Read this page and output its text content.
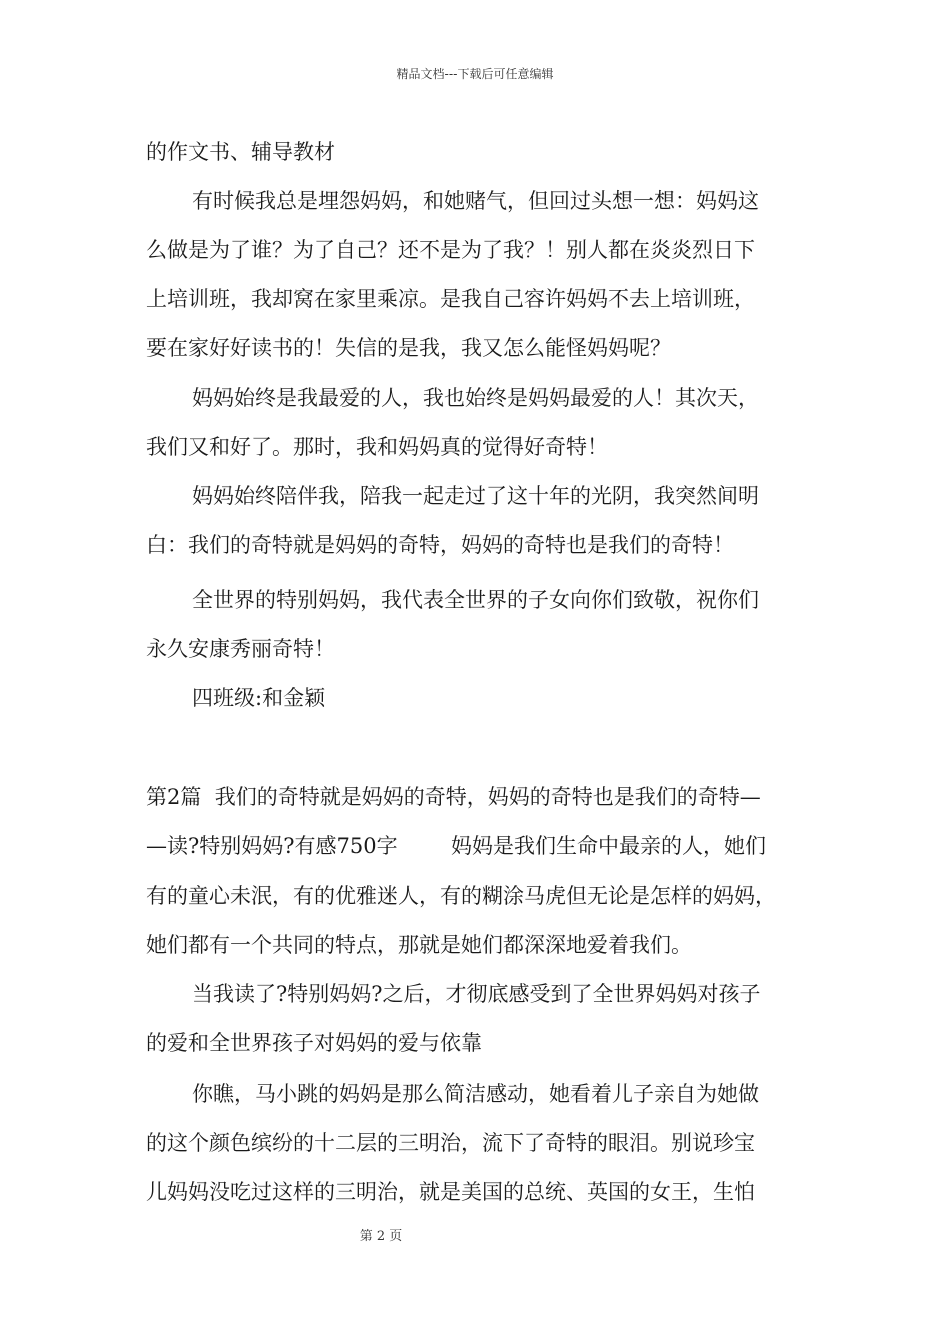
精品文档---下载后可任意编辑
的作文书、辅导教材
有时候我总是埋怨妈妈，和她赌气，但回过头想一想：妈妈这
么做是为了谁？为了自己？还不是为了我？！别人都在炎炎烈日下
上培训班，我却窝在家里乘凉。是我自己容许妈妈不去上培训班，
要在家好好读书的！失信的是我，我又怎么能怪妈妈呢？
妈妈始终是我最爱的人，我也始终是妈妈最爱的人！其次天，
我们又和好了。那时，我和妈妈真的觉得好奇特！
妈妈始终陪伴我，陪我一起走过了这十年的光阴，我突然间明
白：我们的奇特就是妈妈的奇特，妈妈的奇特也是我们的奇特！
全世界的特别妈妈，我代表全世界的子女向你们致敬，祝你们
永久安康秀丽奇特！
四班级:和金颖
第2篇  我们的奇特就是妈妈的奇特，妈妈的奇特也是我们的奇特—
—读?特别妈妈?有感750字        妈妈是我们生命中最亲的人，她们
有的童心未泯，有的优雅迷人，有的糊涂马虎但无论是怎样的妈妈，
她们都有一个共同的特点，那就是她们都深深地爱着我们。
当我读了?特别妈妈?之后，才彻底感受到了全世界妈妈对孩子
的爱和全世界孩子对妈妈的爱与依靠
你瞧，马小跳的妈妈是那么简洁感动，她看着儿子亲自为她做
的这个颜色缤纷的十二层的三明治，流下了奇特的眼泪。别说珍宝
儿妈妈没吃过这样的三明治，就是美国的总统、英国的女王，生怕
第 2 页
